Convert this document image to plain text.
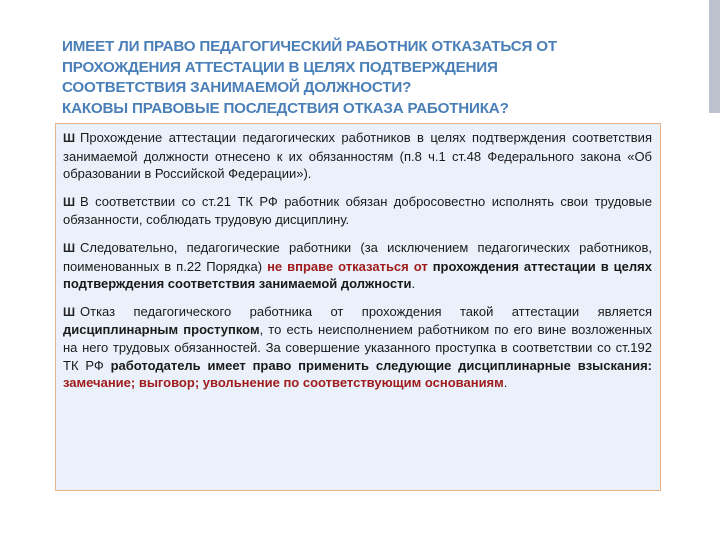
ИМЕЕТ ЛИ ПРАВО ПЕДАГОГИЧЕСКИЙ РАБОТНИК ОТКАЗАТЬСЯ ОТ
ПРОХОЖДЕНИЯ АТТЕСТАЦИИ В ЦЕЛЯХ ПОДТВЕРЖДЕНИЯ
СООТВЕТСТВИЯ ЗАНИМАЕМОЙ ДОЛЖНОСТИ?
КАКОВЫ ПРАВОВЫЕ ПОСЛЕДСТВИЯ ОТКАЗА РАБОТНИКА?

Ш Прохождение аттестации педагогических работников в целях подтверждения соответствия занимаемой должности отнесено к их обязанностям (п.8 ч.1 ст.48 Федерального закона «Об образовании в Российской Федерации»).

Ш В соответствии со ст.21 ТК РФ работник обязан добросовестно исполнять свои трудовые обязанности, соблюдать трудовую дисциплину.

Ш Следовательно, педагогические работники (за исключением педагогических работников, поименованных в п.22 Порядка) не вправе отказаться от прохождения аттестации в целях подтверждения соответствия занимаемой должности.

Ш Отказ педагогического работника от прохождения такой аттестации является дисциплинарным проступком, то есть неисполнением работником по его вине возложенных на него трудовых обязанностей. За совершение указанного проступка в соответствии со ст.192 ТК РФ работодатель имеет право применить следующие дисциплинарные взыскания: замечание; выговор; увольнение по соответствующим основаниям.
